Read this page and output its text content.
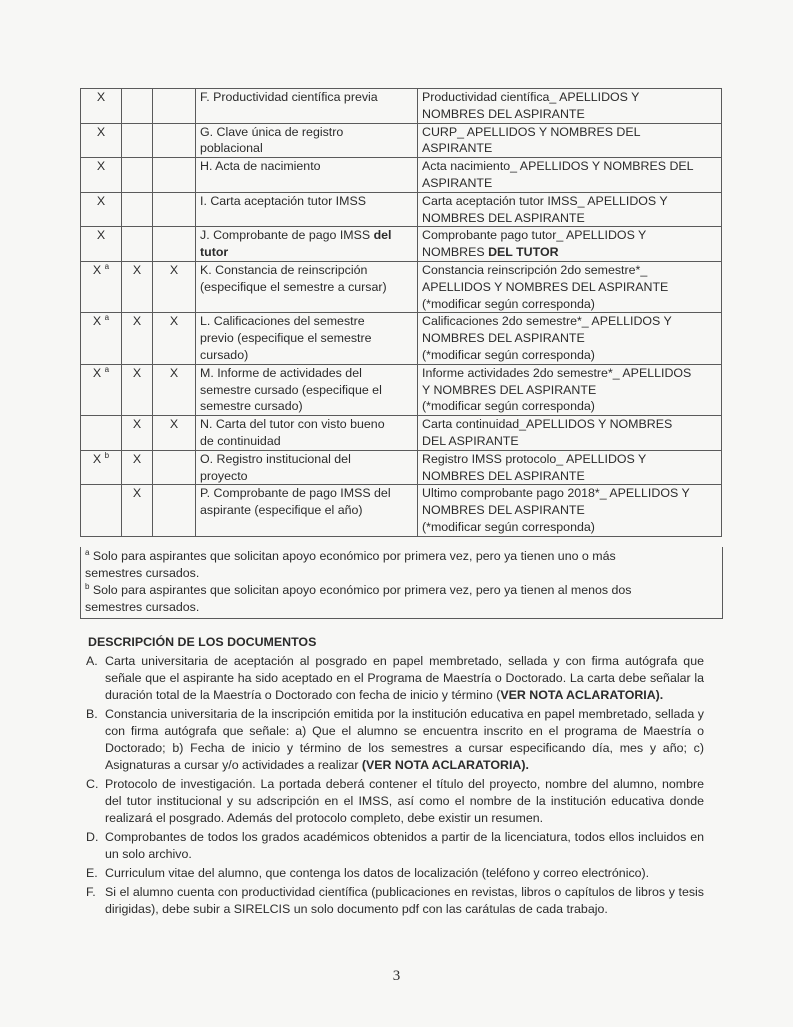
X			F. Productividad científica previa	Productividad científica_ APELLIDOS Y
NOMBRES DEL ASPIRANTE
X			G. Clave única de registro
poblacional	CURP_ APELLIDOS Y NOMBRES DEL
ASPIRANTE
X			H. Acta de nacimiento	Acta nacimiento_ APELLIDOS Y NOMBRES DEL
ASPIRANTE
X			I. Carta aceptación tutor IMSS	Carta aceptación tutor IMSS_ APELLIDOS Y
NOMBRES DEL ASPIRANTE
X			J. Comprobante de pago IMSS del
tutor	Comprobante pago tutor_ APELLIDOS Y
NOMBRES DEL TUTOR
X $^a$	X	X	K. Constancia de reinscripción
(especifique el semestre a cursar)	Constancia reinscripción 2do semestre*_
APELLIDOS Y NOMBRES DEL ASPIRANTE
(*modificar según corresponda)
X $^a$	X	X	L. Calificaciones del semestre
previo (especifique el semestre
cursado)	Calificaciones 2do semestre*_ APELLIDOS Y
NOMBRES DEL ASPIRANTE
(*modificar según corresponda)
X $^a$	X	X	M. Informe de actividades del
semestre cursado (especifique el
semestre cursado)	Informe actividades 2do semestre*_ APELLIDOS
Y NOMBRES DEL ASPIRANTE
(*modificar según corresponda)
	X	X	N. Carta del tutor con visto bueno
de continuidad	Carta continuidad_APELLIDOS Y NOMBRES
DEL ASPIRANTE
X $^b$	X		O. Registro institucional del
proyecto	Registro IMSS protocolo_ APELLIDOS Y
NOMBRES DEL ASPIRANTE
	X		P. Comprobante de pago IMSS del
aspirante (especifique el año)	Ultimo comprobante pago 2018*_ APELLIDOS Y
NOMBRES DEL ASPIRANTE
(*modificar según corresponda)
$^a$ Solo para aspirantes que solicitan apoyo económico por primera vez, pero ya tienen uno o más
semestres cursados.
$^b$ Solo para aspirantes que solicitan apoyo económico por primera vez, pero ya tienen al menos dos
semestres cursados.
DESCRIPCIÓN DE LOS DOCUMENTOS
A. Carta universitaria de aceptación al posgrado en papel membretado, sellada y con firma autógrafa que señale que el aspirante ha sido aceptado en el Programa de Maestría o Doctorado. La carta debe señalar la duración total de la Maestría o Doctorado con fecha de inicio y término (VER NOTA ACLARATORIA).
B. Constancia universitaria de la inscripción emitida por la institución educativa en papel membretado, sellada y con firma autógrafa que señale: a) Que el alumno se encuentra inscrito en el programa de Maestría o Doctorado; b) Fecha de inicio y término de los semestres a cursar especificando día, mes y año; c) Asignaturas a cursar y/o actividades a realizar (VER NOTA ACLARATORIA).
C. Protocolo de investigación. La portada deberá contener el título del proyecto, nombre del alumno, nombre del tutor institucional y su adscripción en el IMSS, así como el nombre de la institución educativa donde realizará el posgrado. Además del protocolo completo, debe existir un resumen.
D. Comprobantes de todos los grados académicos obtenidos a partir de la licenciatura, todos ellos incluidos en un solo archivo.
E. Curriculum vitae del alumno, que contenga los datos de localización (teléfono y correo electrónico).
F. Si el alumno cuenta con productividad científica (publicaciones en revistas, libros o capítulos de libros y tesis dirigidas), debe subir a SIRELCIS un solo documento pdf con las carátulas de cada trabajo.
3
